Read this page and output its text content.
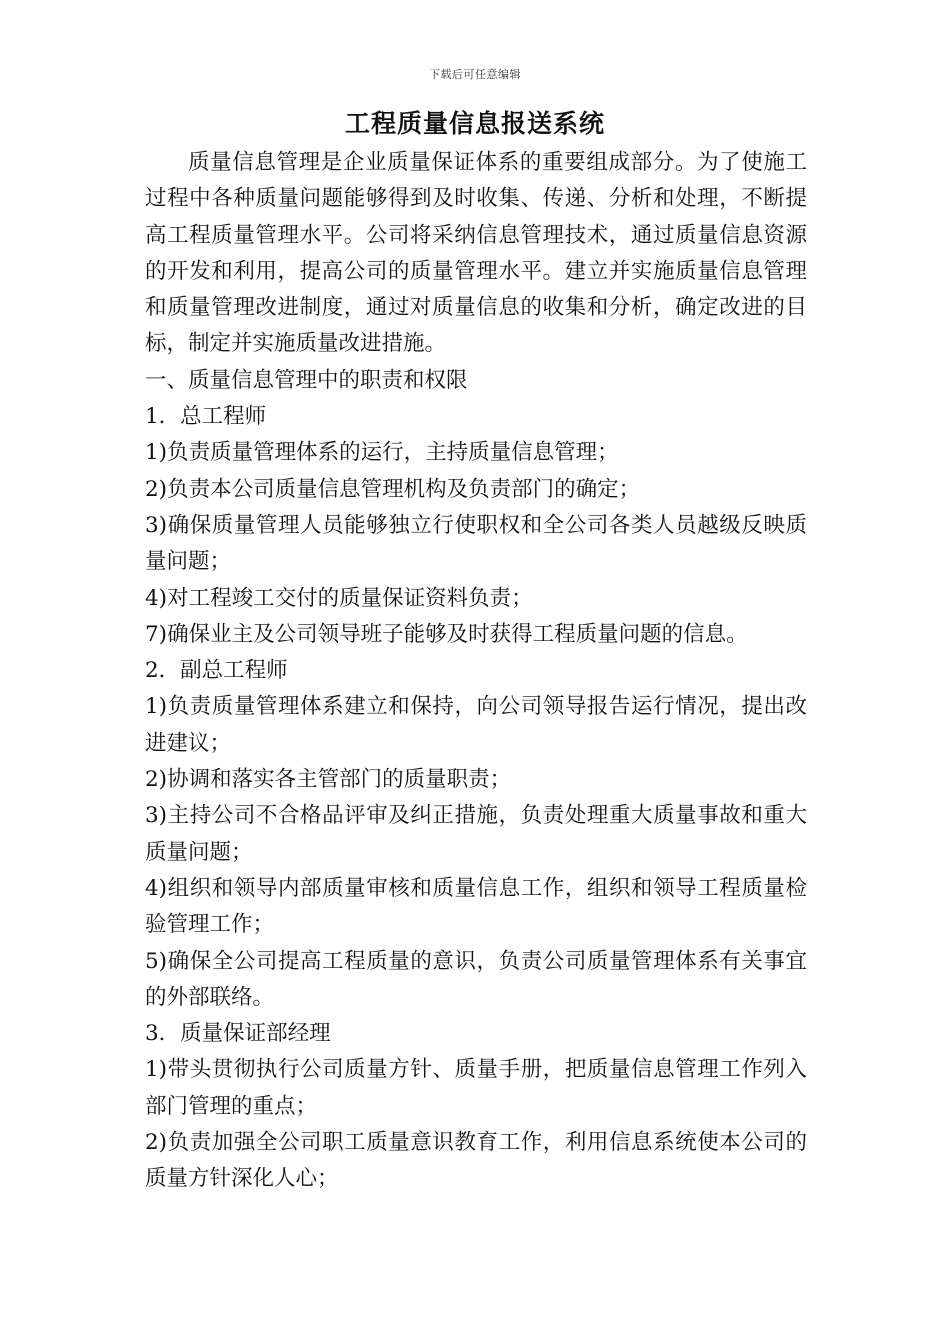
下载后可任意编辑
工程质量信息报送系统

质量信息管理是企业质量保证体系的重要组成部分。为了使施工过程中各种质量问题能够得到及时收集、传递、分析和处理，不断提高工程质量管理水平。公司将采纳信息管理技术，通过质量信息资源的开发和利用，提高公司的质量管理水平。建立并实施质量信息管理和质量管理改进制度，通过对质量信息的收集和分析，确定改进的目标，制定并实施质量改进措施。

一、质量信息管理中的职责和权限

1．总工程师

1)负责质量管理体系的运行，主持质量信息管理；

2)负责本公司质量信息管理机构及负责部门的确定；

3)确保质量管理人员能够独立行使职权和全公司各类人员越级反映质量问题；

4)对工程竣工交付的质量保证资料负责；

7)确保业主及公司领导班子能够及时获得工程质量问题的信息。

2．副总工程师

1)负责质量管理体系建立和保持，向公司领导报告运行情况，提出改进建议；

2)协调和落实各主管部门的质量职责；

3)主持公司不合格品评审及纠正措施，负责处理重大质量事故和重大质量问题；

4)组织和领导内部质量审核和质量信息工作，组织和领导工程质量检验管理工作；

5)确保全公司提高工程质量的意识，负责公司质量管理体系有关事宜的外部联络。

3．质量保证部经理

1)带头贯彻执行公司质量方针、质量手册，把质量信息管理工作列入部门管理的重点；

2)负责加强全公司职工质量意识教育工作，利用信息系统使本公司的质量方针深化人心；
